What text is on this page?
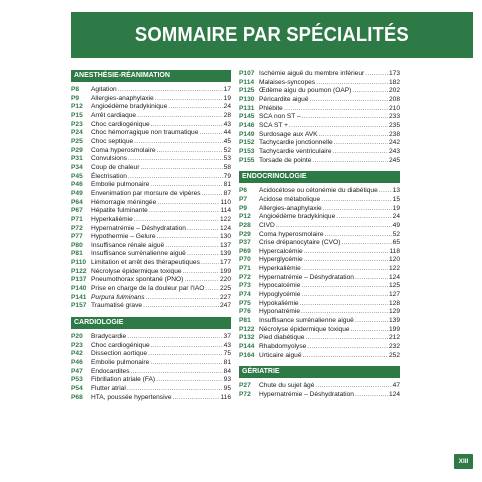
SOMMAIRE PAR SPÉCIALITÉS
ANESTHÉSIE-RÉANIMATION
P8	Agitation .....	17
P9	Allergies-anaphylaxie .....	19
P12	Angioédème bradykinique .....	24
P15	Arrêt cardiaque .....	28
P23	Choc cardiogénique .....	43
P24	Choc hémorragique non traumatique .....	44
P25	Choc septique .....	45
P29	Coma hyperosmolaire .....	52
P31	Convulsions .....	53
P34	Coup de chaleur .....	58
P45	Électrisation .....	79
P46	Embolie pulmonaire .....	81
P49	Envenimation par morsure de vipères .....	87
P64	Hémorragie méningée .....	110
P67	Hépatite fulminante .....	114
P71	Hyperkaliémie .....	122
P72	Hypernatrémie – Déshydratation .....	124
P77	Hypothermie – Gelure .....	130
P80	Insuffisance rénale aiguë .....	137
P81	Insuffisance surrénalienne aiguë .....	139
P110 Limitation et arrêt des thérapeutiques .....	177
P122 Nécrolyse épidermique toxique .....	199
P137 Pneumothorax spontané (PNO) .....	220
P140 Prise en charge de la douleur par l'IAO ..... 225
P141 Purpura fulminans .....	227
P157 Traumatisé grave .....	247
CARDIOLOGIE
P20	Bradycardie .....	37
P23	Choc cardiogénique .....	43
P42	Dissection aortique .....	75
P46	Embolie pulmonaire .....	81
P47	Endocardites .....	84
P53	Fibrillation atriale (FA) .....	93
P54	Flutter atrial .....	95
P68	HTA, poussée hypertensive .....	116
P107 Ischémie aiguë du membre inférieur .....	173
P114 Malaises-syncopes .....	182
P125 Œdème aigu du poumon (OAP) .....	202
P130 Péricardite aiguë .....	208
P131 Phlébite .....	210
P145 SCA non ST – .....	233
P146 SCA ST + .....	235
P149 Surdosage aux AVK .....	238
P152 Tachycardie jonctionnelle .....	242
P153 Tachycardie ventriculaire .....	243
P155 Torsade de pointe .....	245
ENDOCRINOLOGIE
P6	Acidocétose ou cétonémie du diabétique ..... 13
P7	Acidose métabolique .....	15
P9	Allergies-anaphylaxie .....	19
P12	Angioédème bradykinique .....	24
P28	CIVD .....	49
P29	Coma hyperosmolaire .....	52
P37	Crise drépanocytaire (CVO) .....	65
P69	Hypercalcémie .....	118
P70	Hyperglycémie .....	120
P71	Hyperkaliémie .....	122
P72	Hypernatrémie – Déshydratation .....	124
P73	Hypocalcémie .....	125
P74	Hypoglycémie .....	127
P75	Hypokaliémie .....	128
P76	Hyponatrémie .....	129
P81	Insuffisance surrénalienne aiguë .....	139
P122 Nécrolyse épidermique toxique .....	199
P132 Pied diabétique .....	212
P144 Rhabdomyolyse .....	232
P164 Urticaire aiguë .....	252
GÉRIATRIE
P27	Chute du sujet âgé .....	47
P72	Hypernatrémie – Déshydratation .....	124
XIII
